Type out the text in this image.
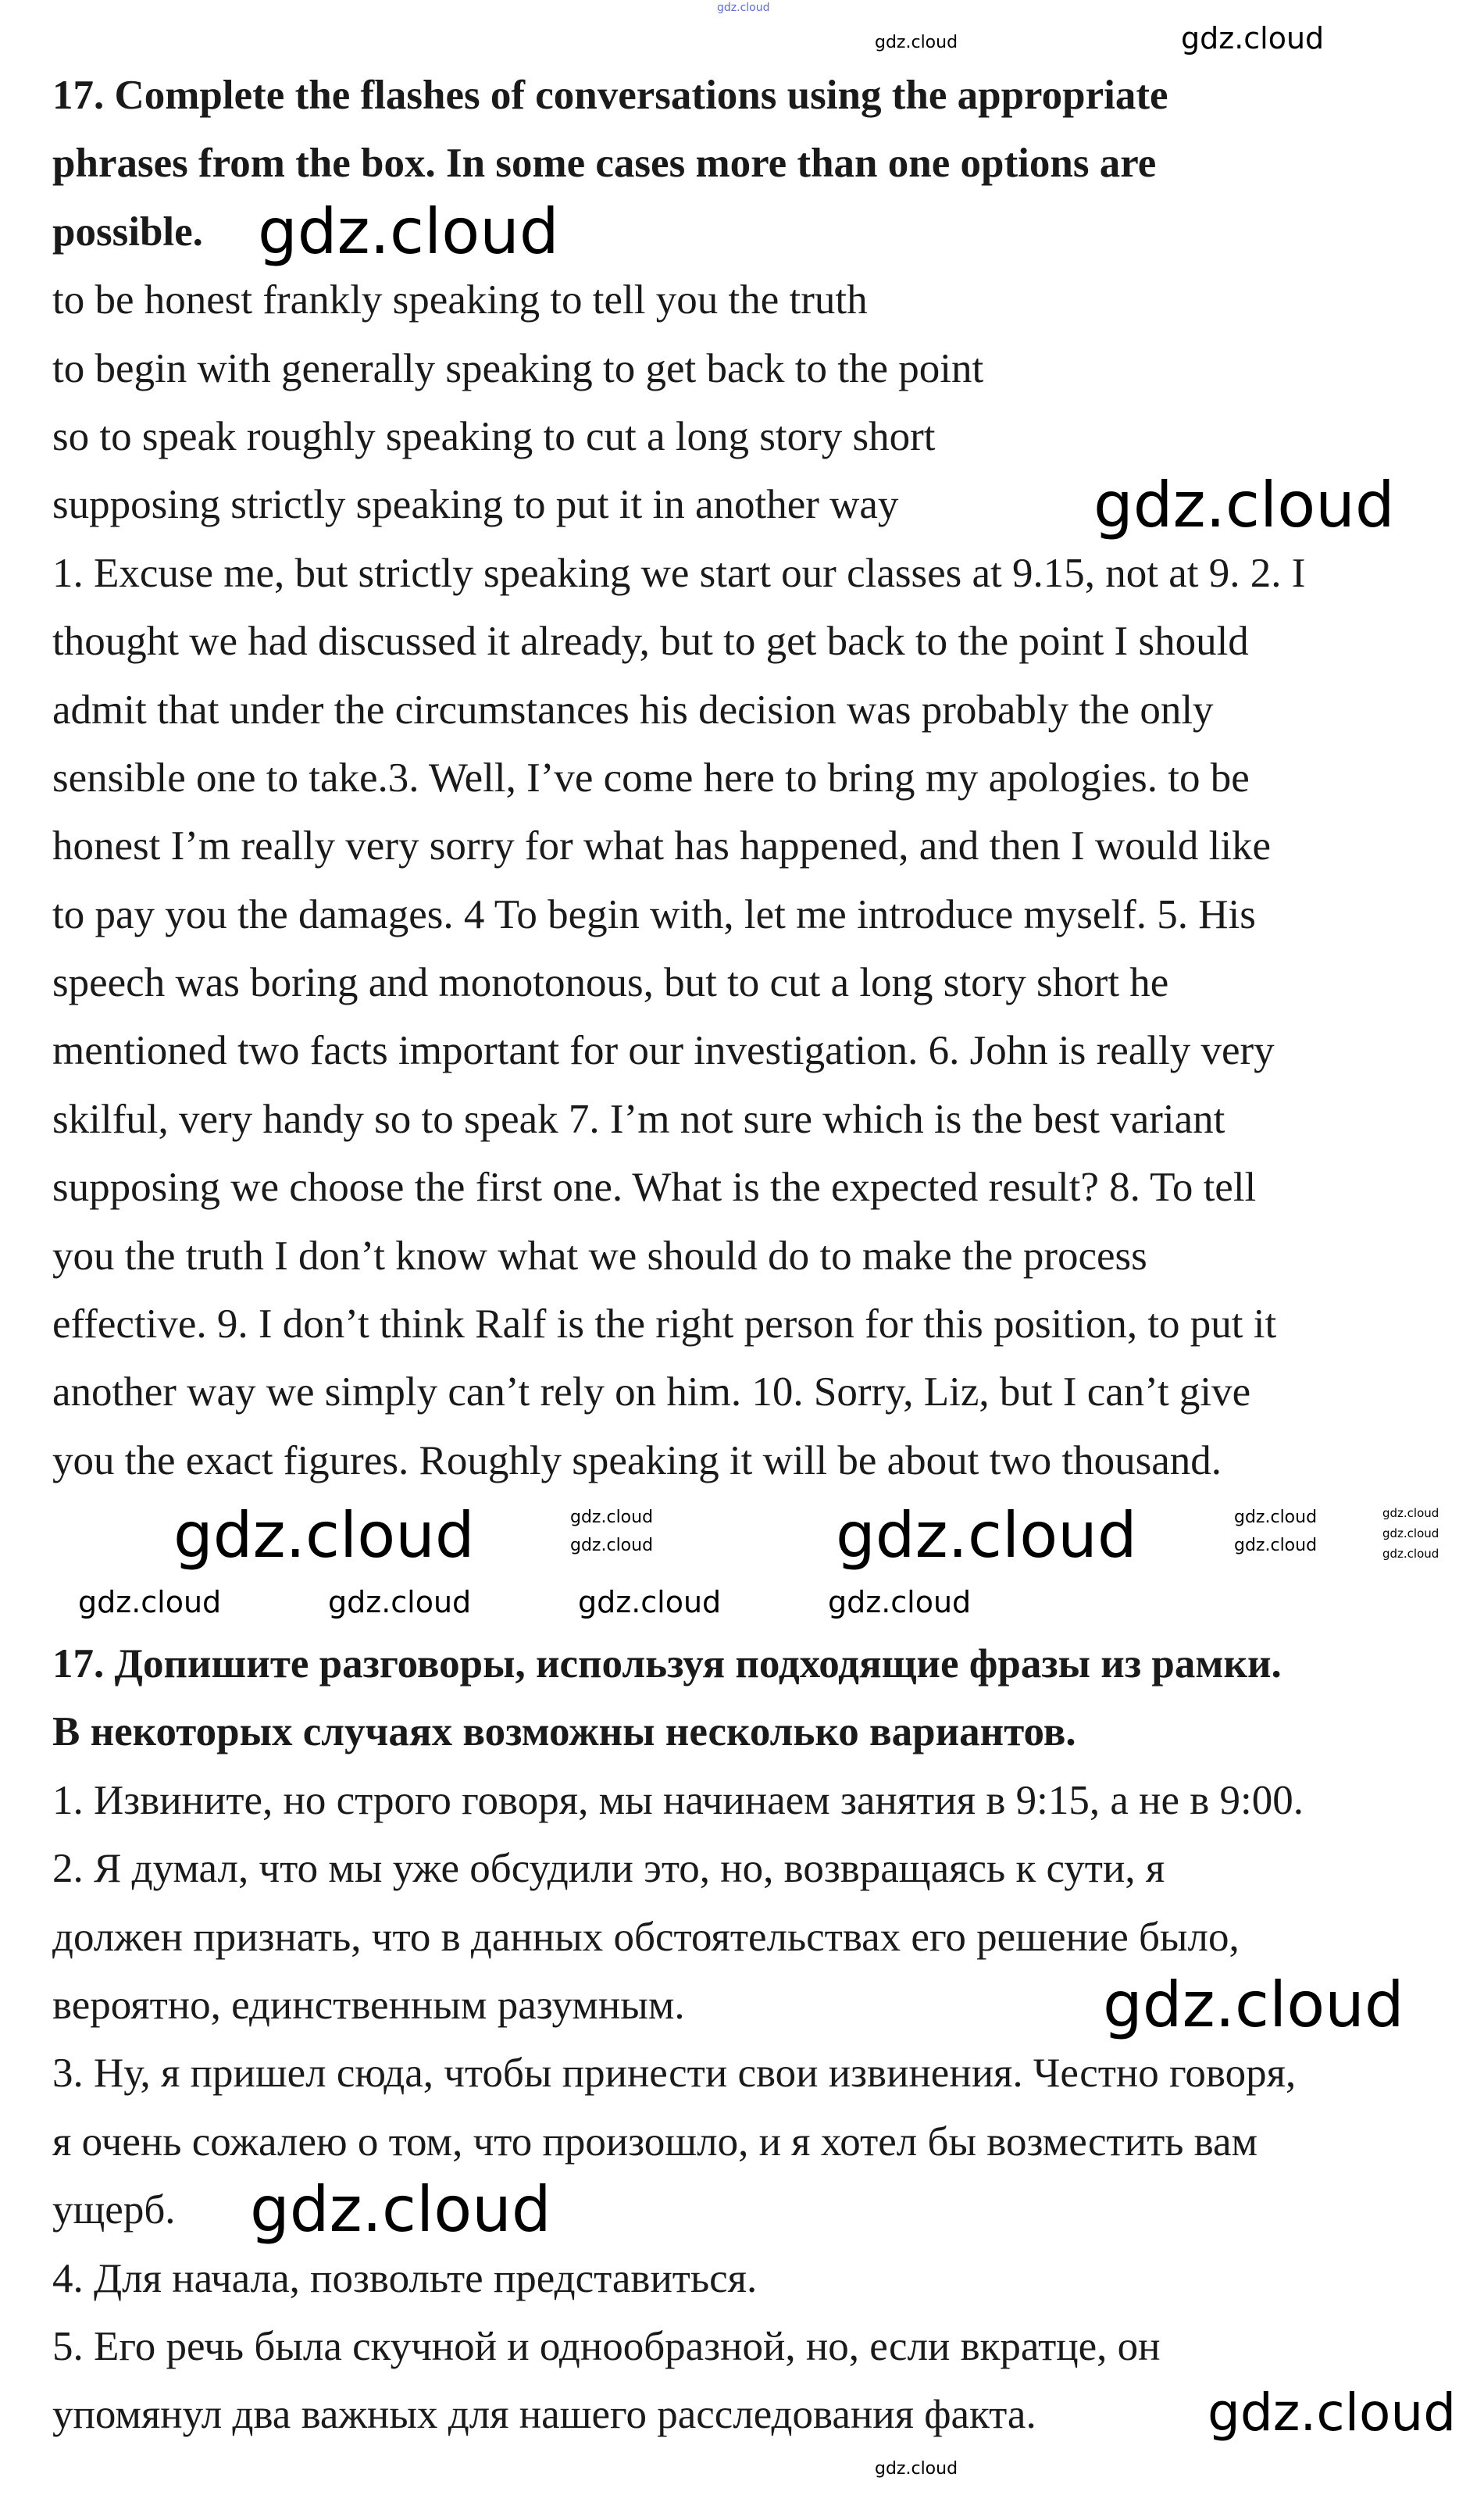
17. Complete the flashes of conversations using the appropriate
phrases from the box. In some cases more than one options are
possible.
to be honest frankly speaking to tell you the truth
to begin with generally speaking to get back to the point
so to speak roughly speaking to cut a long story short
supposing strictly speaking to put it in another way
1. Excuse me, but strictly speaking we start our classes at 9.15, not at 9. 2. I
thought we had discussed it already, but to get back to the point I should
admit that under the circumstances his decision was probably the only
sensible one to take.3. Well, I’ve come here to bring my apologies. to be
honest I’m really very sorry for what has happened, and then I would like
to pay you the damages. 4 To begin with, let me introduce myself. 5. His
speech was boring and monotonous, but to cut a long story short he
mentioned two facts important for our investigation. 6. John is really very
skilful, very handy so to speak 7. I’m not sure which is the best variant
supposing we choose the first one. What is the expected result? 8. To tell
you the truth I don’t know what we should do to make the process
effective. 9. I don’t think Ralf is the right person for this position, to put it
another way we simply can’t rely on him. 10. Sorry, Liz, but I can’t give
you the exact figures. Roughly speaking it will be about two thousand.
17. Допишите разговоры, используя подходящие фразы из рамки.
В некоторых случаях возможны несколько вариантов.
1. Извините, но строго говоря, мы начинаем занятия в 9:15, а не в 9:00.
2. Я думал, что мы уже обсудили это, но, возвращаясь к сути, я
должен признать, что в данных обстоятельствах его решение было,
вероятно, единственным разумным.
3. Ну, я пришел сюда, чтобы принести свои извинения. Честно говоря,
я очень сожалею о том, что произошло, и я хотел бы возместить вам
ущерб.
4. Для начала, позвольте представиться.
5. Его речь была скучной и однообразной, но, если вкратце, он
упомянул два важных для нашего расследования факта.
gdz.cloud
gdz.cloud	gdz.cloud
gdz.cloud
gdz.cloud
gdz.cloud	gdz.cloud
gdz.cloud
gdz.cloud
gdz.cloud
gdz.cloud
gdz.cloud
gdz.cloud
gdz.cloud
gdz.cloud	gdz.cloud	gdz.cloud	gdz.cloud
gdz.cloud
gdz.cloud
gdz.cloud
gdz.cloud
